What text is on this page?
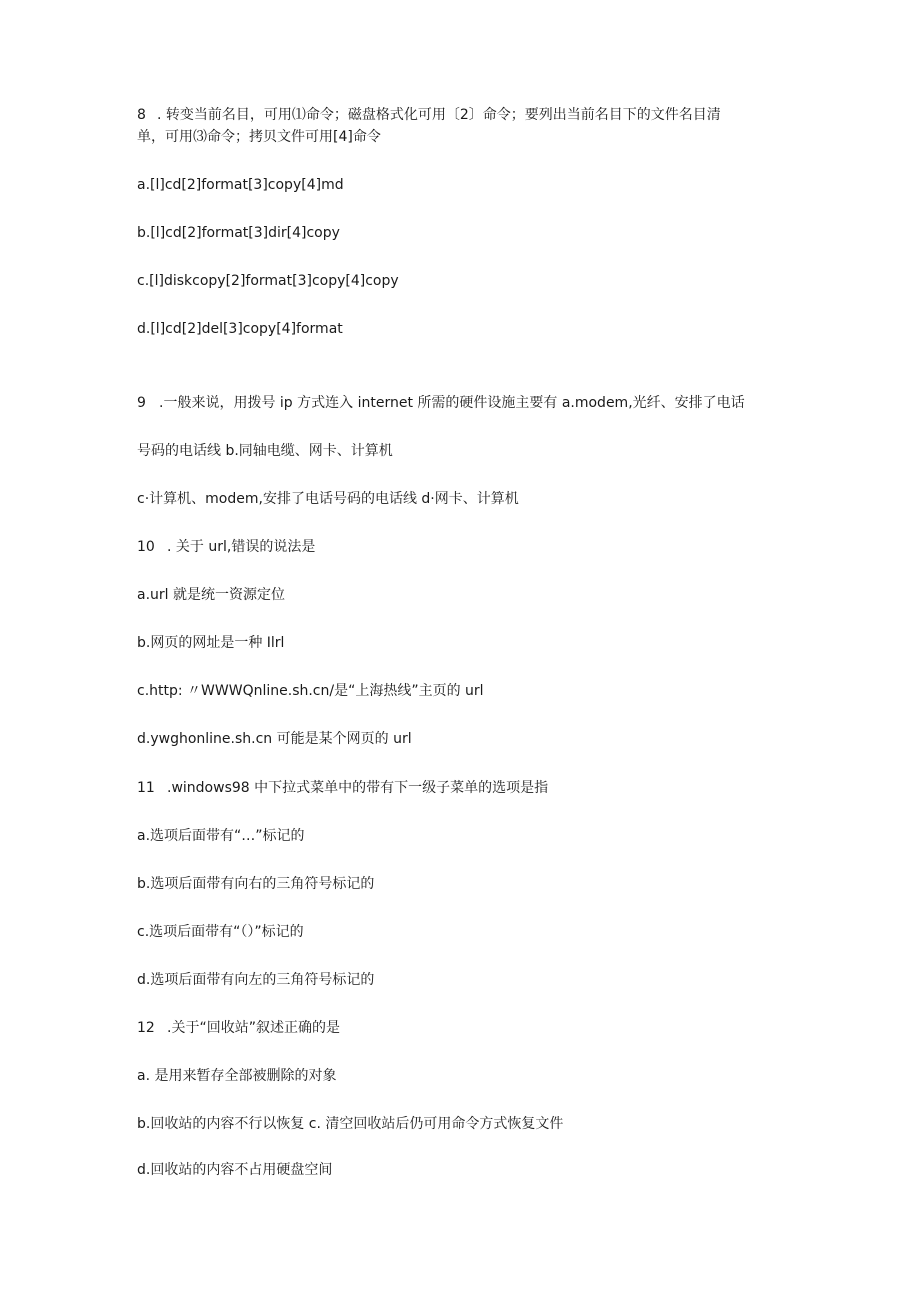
8 . 转变当前名目，可用⑴命令；磁盘格式化可用〔2〕命令；要列出当前名目下的文件名目清
单，可用⑶命令；拷贝文件可用[4]命令
a.[l]cd[2]format[3]copy[4]md
b.[l]cd[2]format[3]dir[4]copy
c.[l]diskcopy[2]format[3]copy[4]copy
d.[l]cd[2]del[3]copy[4]format
9 .一般来说，用拨号 ip 方式连入 internet 所需的硬件设施主要有 a.modem,光纤、安排了电话
号码的电话线 b.同轴电缆、网卡、计算机
c·计算机、modem,安排了电话号码的电话线 d·网卡、计算机
10 . 关于 url,错误的说法是
a.url 就是统一资源定位
b.网页的网址是一种 Ilrl
c.http: 〃WWWQnline.sh.cn/是“上海热线”主页的 url
d.ywghonline.sh.cn 可能是某个网页的 url
11 .windows98 中下拉式菜单中的带有下一级子菜单的选项是指
a.选项后面带有“…”标记的
b.选项后面带有向右的三角符号标记的
c.选项后面带有“（）”标记的
d.选项后面带有向左的三角符号标记的
12 .关于“回收站”叙述正确的是
a. 是用来暂存全部被删除的对象
b.回收站的内容不行以恢复 c. 清空回收站后仍可用命令方式恢复文件
d.回收站的内容不占用硬盘空间
